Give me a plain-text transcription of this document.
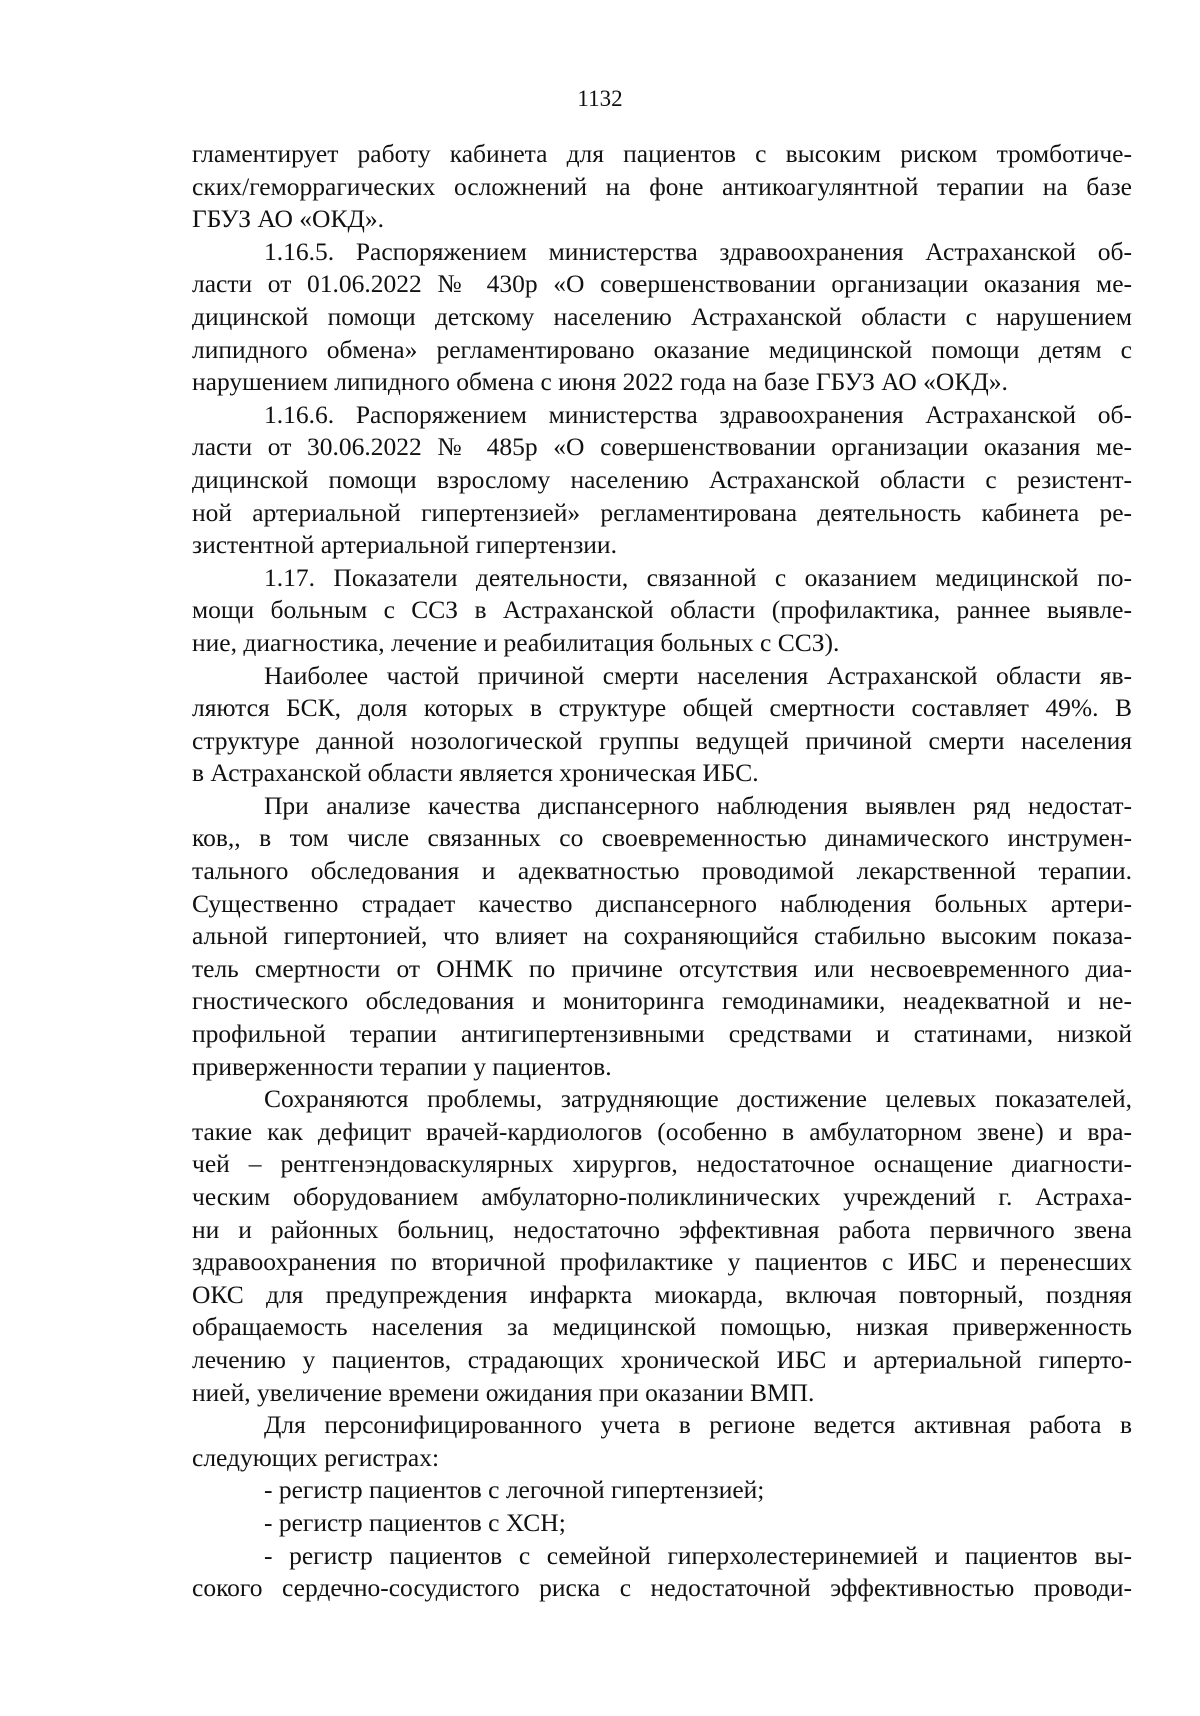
1132

гламентирует работу кабинета для пациентов с высоким риском тромботиче-
ских/геморрагических осложнений на фоне антикоагулянтной терапии на базе
ГБУЗ АО «ОКД».

1.16.5. Распоряжением министерства здравоохранения Астраханской об-
ласти от 01.06.2022 № 430р «О совершенствовании организации оказания ме-
дицинской помощи детскому населению Астраханской области с нарушением
липидного обмена» регламентировано оказание медицинской помощи детям с
нарушением липидного обмена с июня 2022 года на базе ГБУЗ АО «ОКД».

1.16.6. Распоряжением министерства здравоохранения Астраханской об-
ласти от 30.06.2022 № 485р «О совершенствовании организации оказания ме-
дицинской помощи взрослому населению Астраханской области с резистент-
ной артериальной гипертензией» регламентирована деятельность кабинета ре-
зистентной артериальной гипертензии.

1.17. Показатели деятельности, связанной с оказанием медицинской по-
мощи больным с ССЗ в Астраханской области (профилактика, раннее выявле-
ние, диагностика, лечение и реабилитация больных с ССЗ).

Наиболее частой причиной смерти населения Астраханской области яв-
ляются БСК, доля которых в структуре общей смертности составляет 49%. В
структуре данной нозологической группы ведущей причиной смерти населения
в Астраханской области является хроническая ИБС.

При анализе качества диспансерного наблюдения выявлен ряд недостат-
ков,, в том числе связанных со своевременностью динамического инструмен-
тального обследования и адекватностью проводимой лекарственной терапии.
Существенно страдает качество диспансерного наблюдения больных артери-
альной гипертонией, что влияет на сохраняющийся стабильно высоким показа-
тель смертности от ОНМК по причине отсутствия или несвоевременного диа-
гностического обследования и мониторинга гемодинамики, неадекватной и не-
профильной терапии антигипертензивными средствами и статинами, низкой
приверженности терапии у пациентов.

Сохраняются проблемы, затрудняющие достижение целевых показателей,
такие как дефицит врачей-кардиологов (особенно в амбулаторном звене) и вра-
чей – рентгенэндоваскулярных хирургов, недостаточное оснащение диагности-
ческим оборудованием амбулаторно-поликлинических учреждений г. Астраха-
ни и районных больниц, недостаточно эффективная работа первичного звена
здравоохранения по вторичной профилактике у пациентов с ИБС и перенесших
ОКС для предупреждения инфаркта миокарда, включая повторный, поздняя
обращаемость населения за медицинской помощью, низкая приверженность
лечению у пациентов, страдающих хронической ИБС и артериальной гиперто-
нией, увеличение времени ожидания при оказании ВМП.

Для персонифицированного учета в регионе ведется активная работа в
следующих регистрах:

- регистр пациентов с легочной гипертензией;

- регистр пациентов с ХСН;

- регистр пациентов с семейной гиперхолестеринемией и пациентов вы-
сокого сердечно-сосудистого риска с недостаточной эффективностью проводи-
